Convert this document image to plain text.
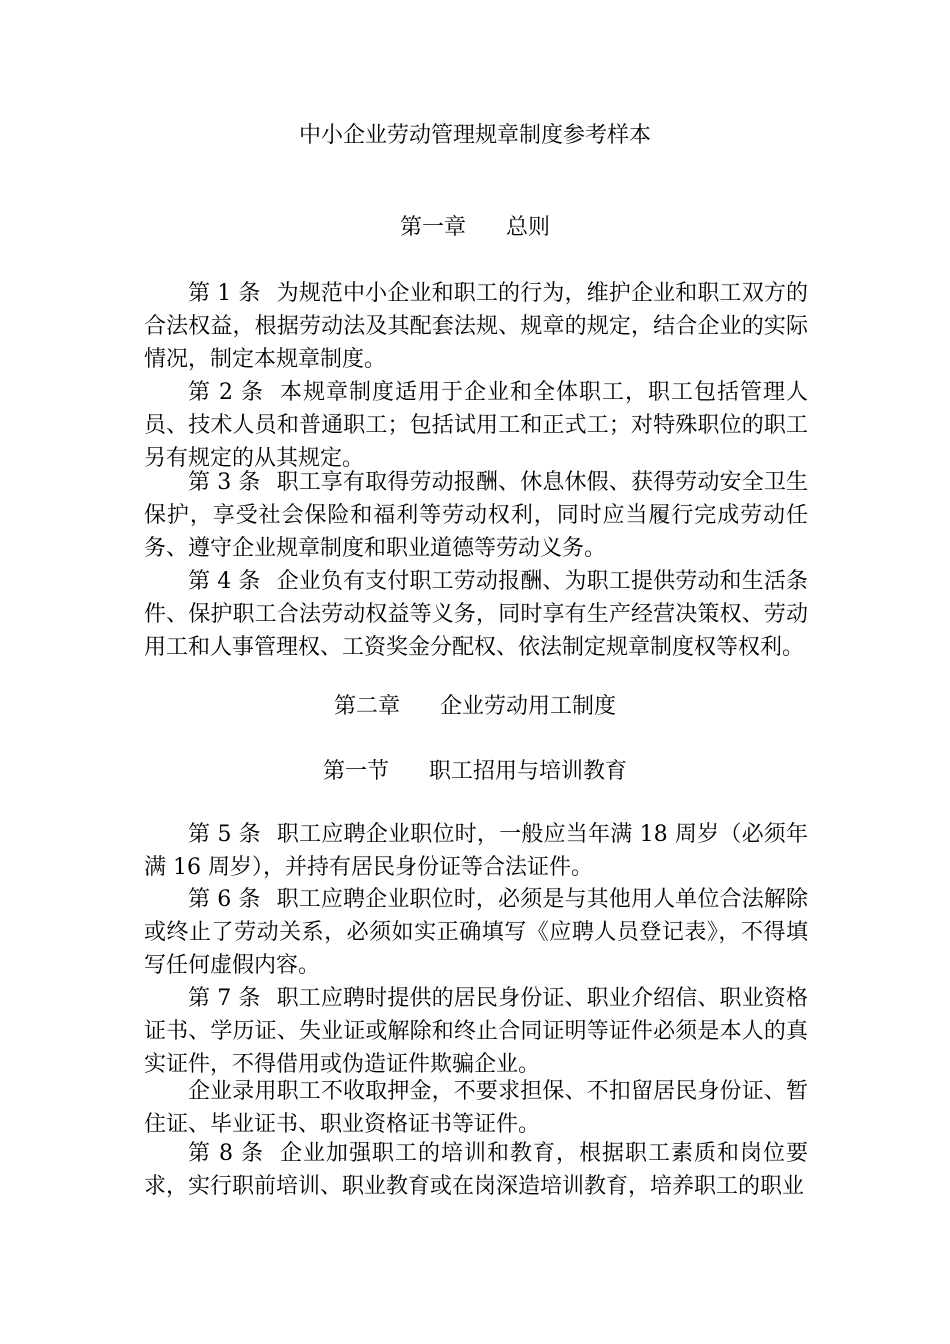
中小企业劳动管理规章制度参考样本
第一章 总则
第 1 条 为规范中小企业和职工的行为，维护企业和职工双方的合法权益，根据劳动法及其配套法规、规章的规定，结合企业的实际情况，制定本规章制度。
第 2 条 本规章制度适用于企业和全体职工，职工包括管理人员、技术人员和普通职工；包括试用工和正式工；对特殊职位的职工另有规定的从其规定。
第 3 条 职工享有取得劳动报酬、休息休假、获得劳动安全卫生保护，享受社会保险和福利等劳动权利，同时应当履行完成劳动任务、遵守企业规章制度和职业道德等劳动义务。
第 4 条 企业负有支付职工劳动报酬、为职工提供劳动和生活条件、保护职工合法劳动权益等义务，同时享有生产经营决策权、劳动用工和人事管理权、工资奖金分配权、依法制定规章制度权等权利。
第二章 企业劳动用工制度
第一节 职工招用与培训教育
第 5 条 职工应聘企业职位时，一般应当年满 18 周岁（必须年满 16 周岁），并持有居民身份证等合法证件。
第 6 条 职工应聘企业职位时，必须是与其他用人单位合法解除或终止了劳动关系，必须如实正确填写《应聘人员登记表》，不得填写任何虚假内容。
第 7 条 职工应聘时提供的居民身份证、职业介绍信、职业资格证书、学历证、失业证或解除和终止合同证明等证件必须是本人的真实证件，不得借用或伪造证件欺骗企业。
企业录用职工不收取押金，不要求担保、不扣留居民身份证、暂住证、毕业证书、职业资格证书等证件。
第 8 条 企业加强职工的培训和教育，根据职工素质和岗位要求，实行职前培训、职业教育或在岗深造培训教育，培养职工的职业
